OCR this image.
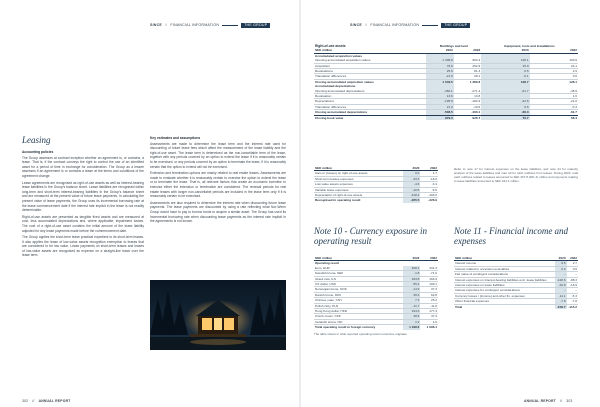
SINCE // FINANCIAL INFORMATION	THE GROUP
Leasing

Accounting policies

The Group assesses at contract inception whether an agreement is, or contains, a lease. That is, if the contract conveys the right to control the use of an identified asset for a period of time in exchange for consideration. The Group as a lessee assesses if an agreement is or contains a lease at the terms and conditions of the agreement change.

Lease agreements are recognised as right-of-use assets as well as interest-bearing lease liabilities in the Group's balance sheet. Lease liabilities are recognised within long-term and short-term interest-bearing liabilities in the Group's balance sheet and are measured at the present value of future lease payments. In calculating the present value of lease payments, the Group uses its incremental borrowing rate at the lease commencement date if the interest rate implicit in the lease is not readily determinable.

Right-of-use assets are presented as tangible fixed assets and are measured at cost, less accumulated depreciations and, where applicable, impairment losses. The cost of a right-of-use asset contains the initial amount of the lease liability adjusted for any lease payments made before the commencement date.

The Group applies the short-term lease practical expedient to its short-term leases. It also applies the lease of low-value assets recognition exemption to leases that are considered to be low value. Lease payments on short-term leases and leases of low-value assets are recognised as expense on a straight-line basis over the lease term.

Key estimates and assumptions

Assessments are made to determine the lease term and the interest rate used for discounting of future lease fees which affect the measurement of the lease liability and the right-of-use asset. The lease term is determined as the non-cancellable term of the lease, together with any periods covered by an option to extend the lease if it is reasonably certain to be exercised, or any periods covered by an option to terminate the lease, if it is reasonably certain that the option to extend will not be exercised.

Extension and termination options are mainly related to real estate leases. Assessments are made to evaluate whether it is reasonably certain to exercise the option to extend the lease or to terminate the lease. That is, all relevant factors that create an economic incentive to exercise either the extension or termination are considered. The renewal periods for real estate leases with longer non-cancellable periods are included in the lease term only if it is reasonably certain to be exercised.

Assessments are also required to determine the interest rate when discounting future lease payments. The lease payments are discounted by using a rate reflecting what Nor-Wenn Group would have to pay to borrow funds to acquire a similar asset. The Group has used its incremental borrowing rate when discounting lease payments as the interest rate implicit in the agreements is not known.

302 // ANNUAL REPORT
SINCE // FINANCIAL INFORMATION	THE GROUP
Right-of-use assets	Buildings and land		Equipment, tools and installations	
SEK million	2023	2022	2023	2022
Accumulated acquisition values				
Opening accumulated acquisition values	1 398.8	964.4	128.1	103.9
Acquisition	76.9	252.9	15.0	24.1
Revaluations	25.6	81.3	0.5	2.9
Translation differences	-21.9	28.1	-0.1	0.6
Closing accumulated acquisition values	1 549.5	1 386.8	138.7	128.1
Accumulated depreciations				
Opening accumulated depreciations	-460.1	-271.4	-61.7	-45.9
Revaluation	13.6	13.8		1.6
Depreciations	-195.6	-182.9	-22.6	-21.0
Translation differences	21.3	-19.6	0.6	-0.3
Closing accumulated depreciations	-508.5	-460.1	-68.0	-61.7
Closing book value	979.3	926.7	70.7	66.4
SEK million	2023	2022
Gain or (losses) on right-of-use assets	0.0	1.7
Short-term leases expenses	-33.3	-16.0
Low value assets expenses	-4.6	-3.4
Variable lease expenses	-10.5	-9.6
Depreciation of right-of-use assets	-218.2	-193.0
Recognised in operating result	-265.5	-226.9
Refer to note 17 for interest expenses on the lease liabilities, and note 24 for maturity analysis of the lease liabilities and note 10 for cash outflows from leases. During 2023, total cash outflows related to leases amounted to SEK 267.8 (201.4) million and payments relating to lease liabilities amounted to SEK 244.1 million.
Note 10 - Currency exposure in operating result
SEK million	2023	2022
Operating result		
Euro, EUR	468.1	431.3
Swedish krona, SEK	-1.8	-71.0
Israeli new, ILS	183.8	164.9
US dollar, USD	85.4	109.1
Norwegian krone, NOK	-14.9	37.3
Danish krone, DKK	36.6	62.8
Chinese yuan, CNY	7.3	25.2
Polish zloty, PLN	-11.7	-11.8
Hong Kong dollar, HKD	194.6	177.3
Czech crown, CZK	48.6	47.3
Icelandic krona, ISK	1.9	1.0
Total operating result in foreign currency	1 198.6	1 096.1
The table shows in what reported operating result currencies originate.
Note 11 - Financial income and expenses
SEK million	2023	2022
Interest income	9.5	2.7
Interest related to uncertain receivables	0.2	0.6
Fair value of contingent considerations	–	–
Interest expenses on interest-bearing liabilities excl. lease liabilities	-128.6	-88.3
Interest expenses on lease liabilities	-20.8	-16.9
Interest expenses for contingent considerations	–	–
Currency losses / (income) and other fin. expenses	-11.1	-5.3
Other financial expenses	-7.8	-7.8
Total	-158.7	-115.2
ANNUAL REPORT // 303
